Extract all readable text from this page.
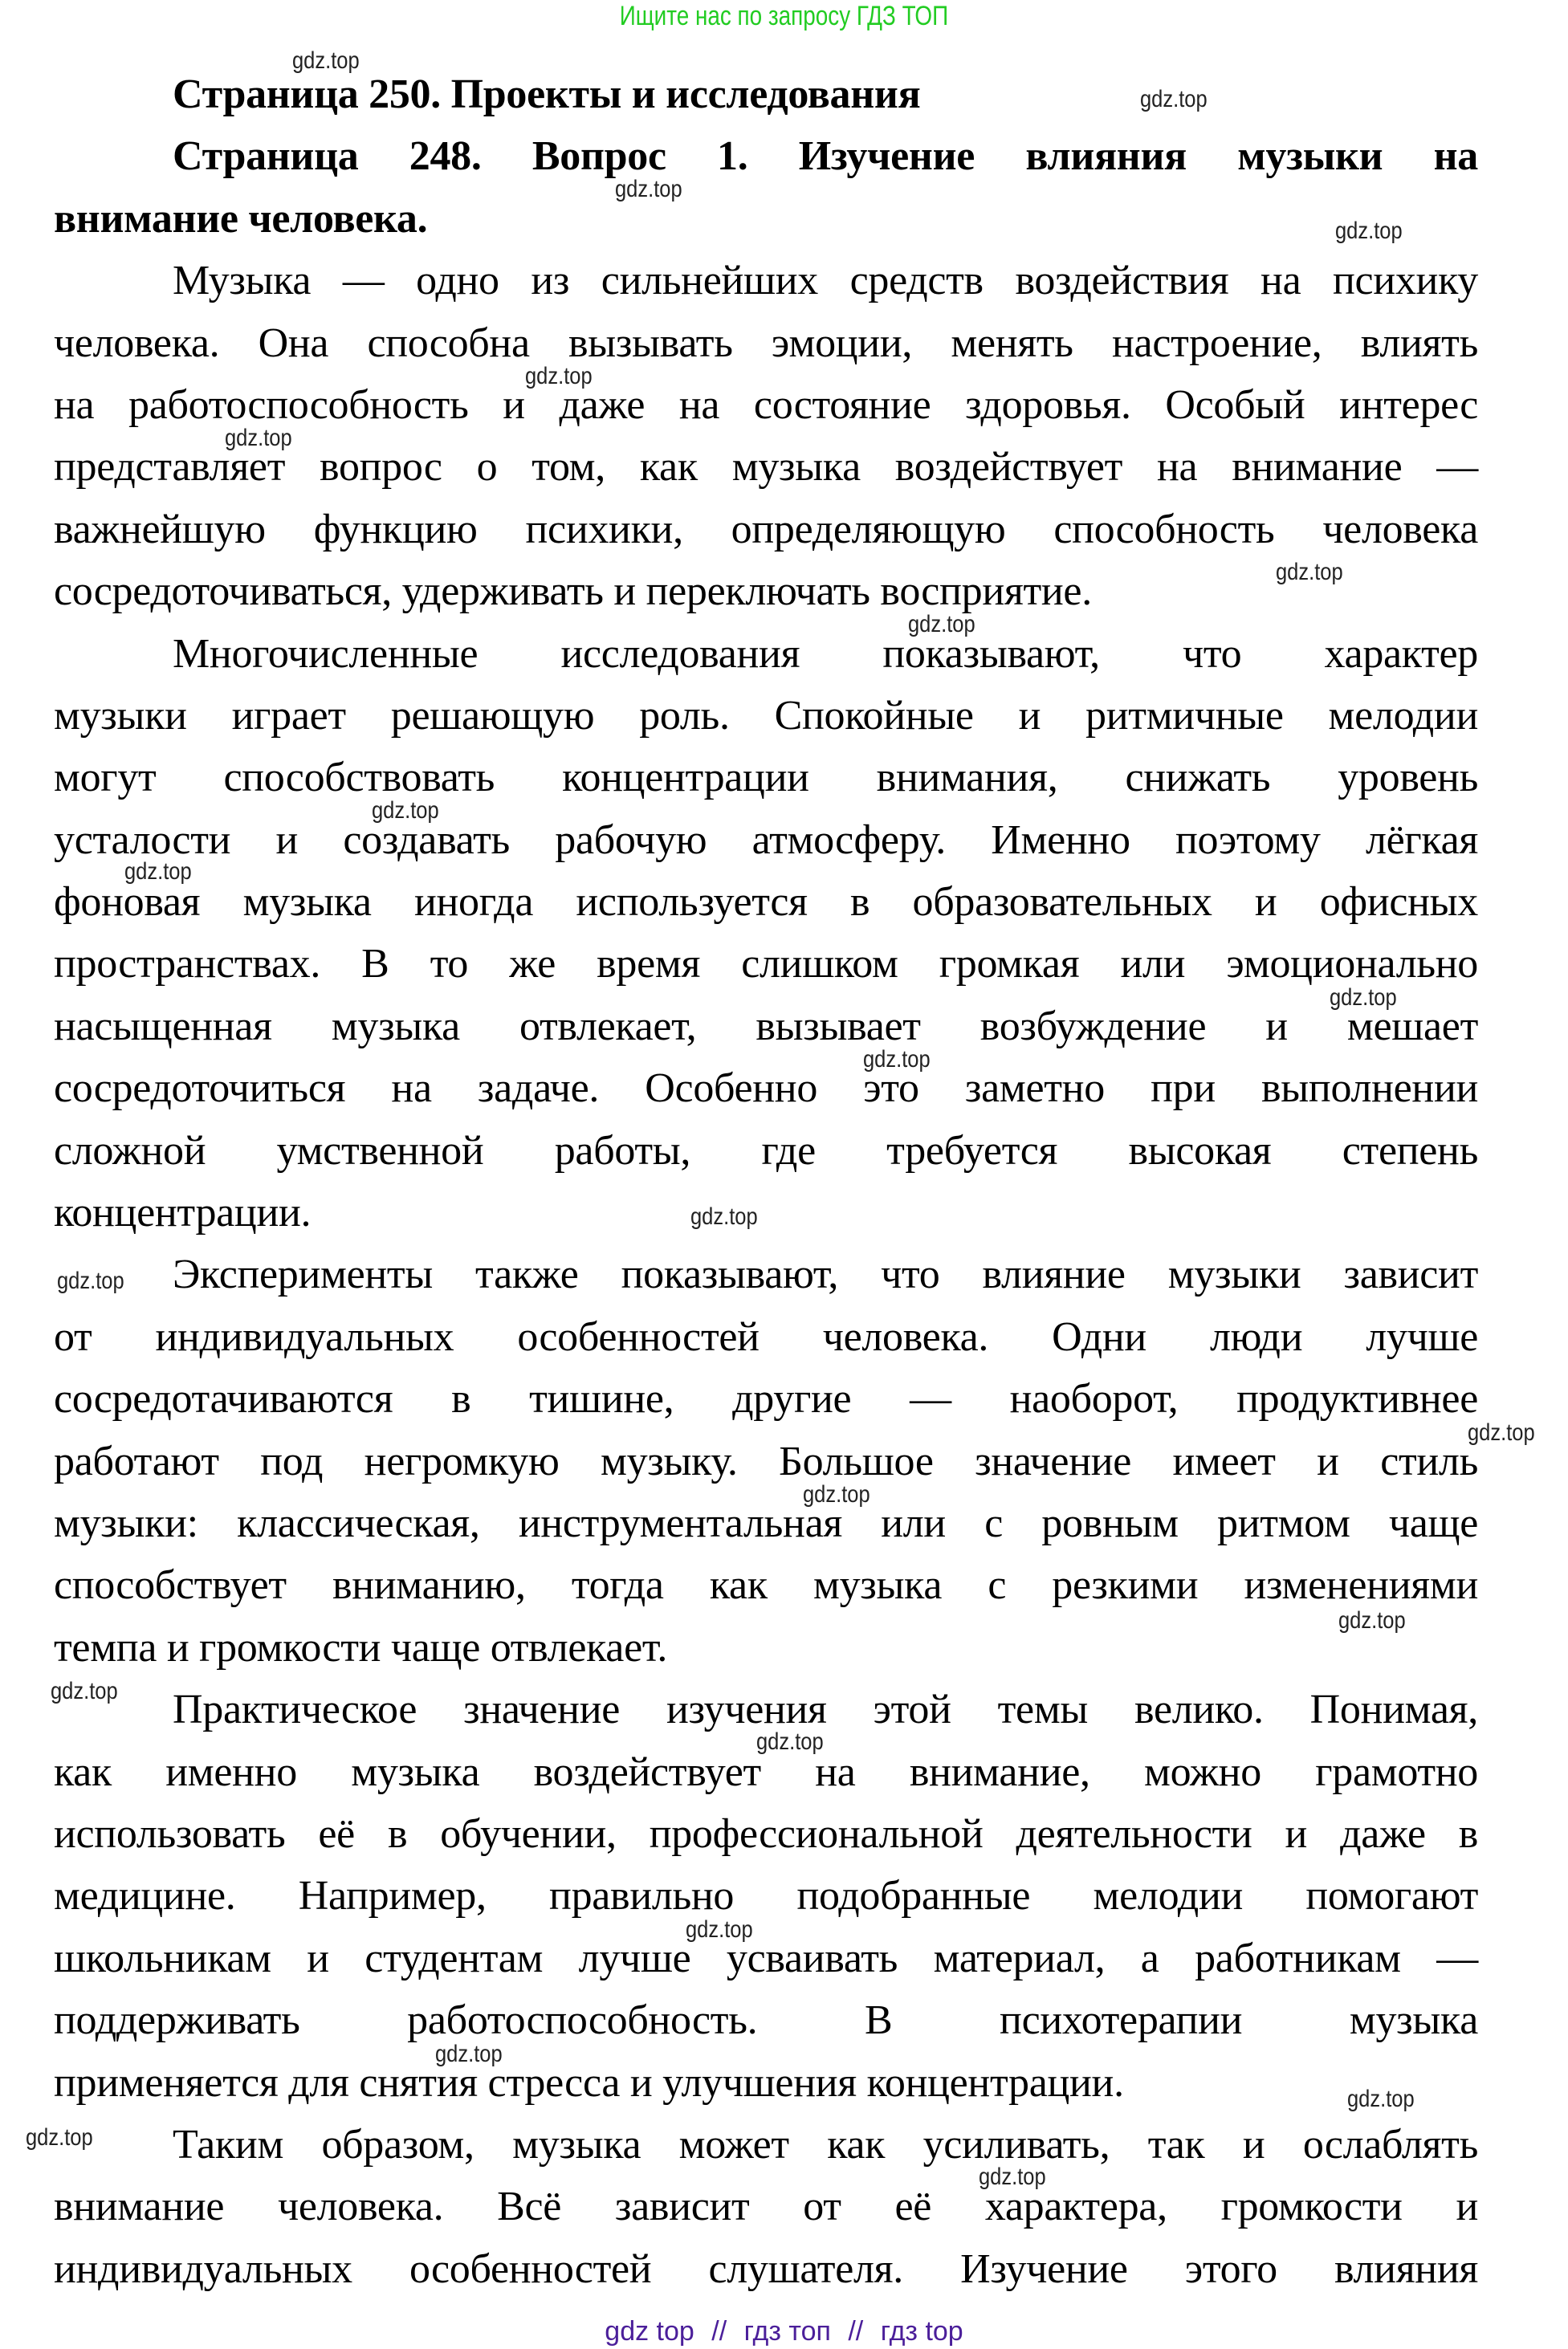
Ищите нас по запросу ГДЗ ТОП
Страница 250. Проекты и исследования
Страница 248. Вопрос 1. Изучение влияния музыки на
внимание человека.
Музыка — одно из сильнейших средств воздействия на психику
человека. Она способна вызывать эмоции, менять настроение, влиять
на работоспособность и даже на состояние здоровья. Особый интерес
представляет вопрос о том, как музыка воздействует на внимание —
важнейшую функцию психики, определяющую способность человека
сосредоточиваться, удерживать и переключать восприятие.
Многочисленные исследования показывают, что характер
музыки играет решающую роль. Спокойные и ритмичные мелодии
могут способствовать концентрации внимания, снижать уровень
усталости и создавать рабочую атмосферу. Именно поэтому лёгкая
фоновая музыка иногда используется в образовательных и офисных
пространствах. В то же время слишком громкая или эмоционально
насыщенная музыка отвлекает, вызывает возбуждение и мешает
сосредоточиться на задаче. Особенно это заметно при выполнении
сложной умственной работы, где требуется высокая степень
концентрации.
Эксперименты также показывают, что влияние музыки зависит
от индивидуальных особенностей человека. Одни люди лучше
сосредотачиваются в тишине, другие — наоборот, продуктивнее
работают под негромкую музыку. Большое значение имеет и стиль
музыки: классическая, инструментальная или с ровным ритмом чаще
способствует вниманию, тогда как музыка с резкими изменениями
темпа и громкости чаще отвлекает.
Практическое значение изучения этой темы велико. Понимая,
как именно музыка воздействует на внимание, можно грамотно
использовать её в обучении, профессиональной деятельности и даже в
медицине. Например, правильно подобранные мелодии помогают
школьникам и студентам лучше усваивать материал, а работникам —
поддерживать работоспособность. В психотерапии музыка
применяется для снятия стресса и улучшения концентрации.
Таким образом, музыка может как усиливать, так и ослаблять
внимание человека. Всё зависит от её характера, громкости и
индивидуальных особенностей слушателя. Изучение этого влияния
gdz.top
gdz.top
gdz.top
gdz.top
gdz.top
gdz.top
gdz.top
gdz.top
gdz.top
gdz.top
gdz.top
gdz.top
gdz.top
gdz.top
gdz.top
gdz.top
gdz.top
gdz.top
gdz.top
gdz.top
gdz.top
gdz.top
gdz.top
gdz.top
gdz top // гдз топ // гдз top
